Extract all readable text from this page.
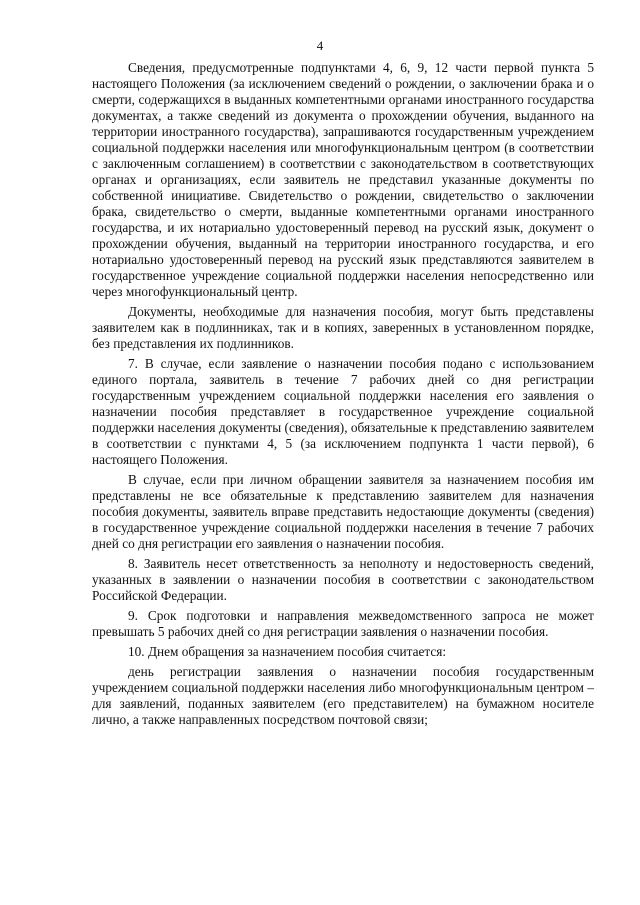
4

Сведения, предусмотренные подпунктами 4, 6, 9, 12 части первой пункта 5 настоящего Положения (за исключением сведений о рождении, о заключении брака и о смерти, содержащихся в выданных компетентными органами иностранного государства документах, а также сведений из документа о прохождении обучения, выданного на территории иностранного государства), запрашиваются государственным учреждением социальной поддержки населения или многофункциональным центром (в соответствии с заключенным соглашением) в соответствии с законодательством в соответствующих органах и организациях, если заявитель не представил указанные документы по собственной инициативе. Свидетельство о рождении, свидетельство о заключении брака, свидетельство о смерти, выданные компетентными органами иностранного государства, и их нотариально удостоверенный перевод на русский язык, документ о прохождении обучения, выданный на территории иностранного государства, и его нотариально удостоверенный перевод на русский язык представляются заявителем в государственное учреждение социальной поддержки населения непосредственно или через многофункциональный центр.

Документы, необходимые для назначения пособия, могут быть представлены заявителем как в подлинниках, так и в копиях, заверенных в установленном порядке, без представления их подлинников.

7. В случае, если заявление о назначении пособия подано с использованием единого портала, заявитель в течение 7 рабочих дней со дня регистрации государственным учреждением социальной поддержки населения его заявления о назначении пособия представляет в государственное учреждение социальной поддержки населения документы (сведения), обязательные к представлению заявителем в соответствии с пунктами 4, 5 (за исключением подпункта 1 части первой), 6 настоящего Положения.

В случае, если при личном обращении заявителя за назначением пособия им представлены не все обязательные к представлению заявителем для назначения пособия документы, заявитель вправе представить недостающие документы (сведения) в государственное учреждение социальной поддержки населения в течение 7 рабочих дней со дня регистрации его заявления о назначении пособия.

8. Заявитель несет ответственность за неполноту и недостоверность сведений, указанных в заявлении о назначении пособия в соответствии с законодательством Российской Федерации.

9. Срок подготовки и направления межведомственного запроса не может превышать 5 рабочих дней со дня регистрации заявления о назначении пособия.

10. Днем обращения за назначением пособия считается:

день регистрации заявления о назначении пособия государственным учреждением социальной поддержки населения либо многофункциональным центром – для заявлений, поданных заявителем (его представителем) на бумажном носителе лично, а также направленных посредством почтовой связи;
